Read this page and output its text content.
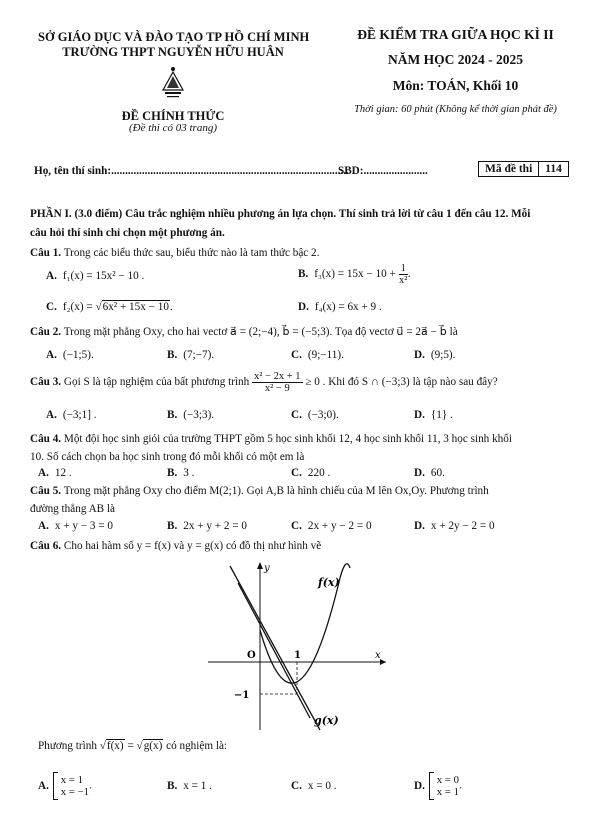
SỞ GIÁO DỤC VÀ ĐÀO TẠO TP HỒ CHÍ MINH
TRƯỜNG THPT NGUYỄN HỮU HUÂN
ĐỀ CHÍNH THỨC
(Đề thi có 03 trang)
ĐỀ KIỂM TRA GIỮA HỌC KÌ II
NĂM HỌC 2024 - 2025
Môn: TOÁN, Khối 10
Thời gian: 60 phút (Không kể thời gian phát đề)
Họ, tên thí sinh:.....................................................................................
SBD:.......................	Mã đề thi	114
PHẦN I. (3.0 điểm) Câu trắc nghiệm nhiều phương án lựa chọn. Thí sinh trả lời từ câu 1 đến câu 12. Mỗi
câu hỏi thí sinh chỉ chọn một phương án.
Câu 1. Trong các biểu thức sau, biểu thức nào là tam thức bậc 2.
A. f₁(x) = 15x² − 10 .	B. $f_3(x) = 15x - 10 + \frac{1}{\text{x²}}$ .
C. f₂(x) = √6x² + 15x − 10.	D. f₄(x) = 6x + 9 .
Câu 2. Trong mặt phẳng Oxy, cho hai vectơ a⃗ = (2;−4), b⃗ = (−5;3). Tọa độ vectơ u⃗ = 2a⃗ − b⃗ là
A. (−1;5).	B. (7;−7).	C. (9;−11).	D. (9;5).
Câu 3. Gọi S là tập nghiệm của bất phương trình $\frac{\text{x² − 2x + 1}}{\text{x² − 9}} \ge 0$ . Khi đó S ∩ (−3;3) là tập nào sau đây?
A. (−3;1] .	B. (−3;3).	C. (−3;0).	D. {1} .
Câu 4. Một đội học sinh giỏi của trường THPT gồm 5 học sinh khối 12, 4 học sinh khối 11, 3 học sinh khối
10. Số cách chọn ba học sinh trong đó mỗi khối có một em là
A. 12 .	B. 3 .	C. 220 .	D. 60.
Câu 5. Trong mặt phẳng Oxy cho điểm M(2;1). Gọi A,B là hình chiếu của M lên Ox,Oy. Phương trình
đường thẳng AB là
A. x + y − 3 = 0	B. 2x + y + 2 = 0	C. 2x + y − 2 = 0	D. x + 2y − 2 = 0
Câu 6. Cho hai hàm số y = f(x) và y = g(x) có đồ thị như hình vẽ
y
x
O	1
−1
f(x)
g(x)
Phương trình √f(x) = √g(x) có nghiệm là:
A. x = 1
x = −1
.	B. x = 1 .	C. x = 0 .	D. x = 0
x = 1
.
